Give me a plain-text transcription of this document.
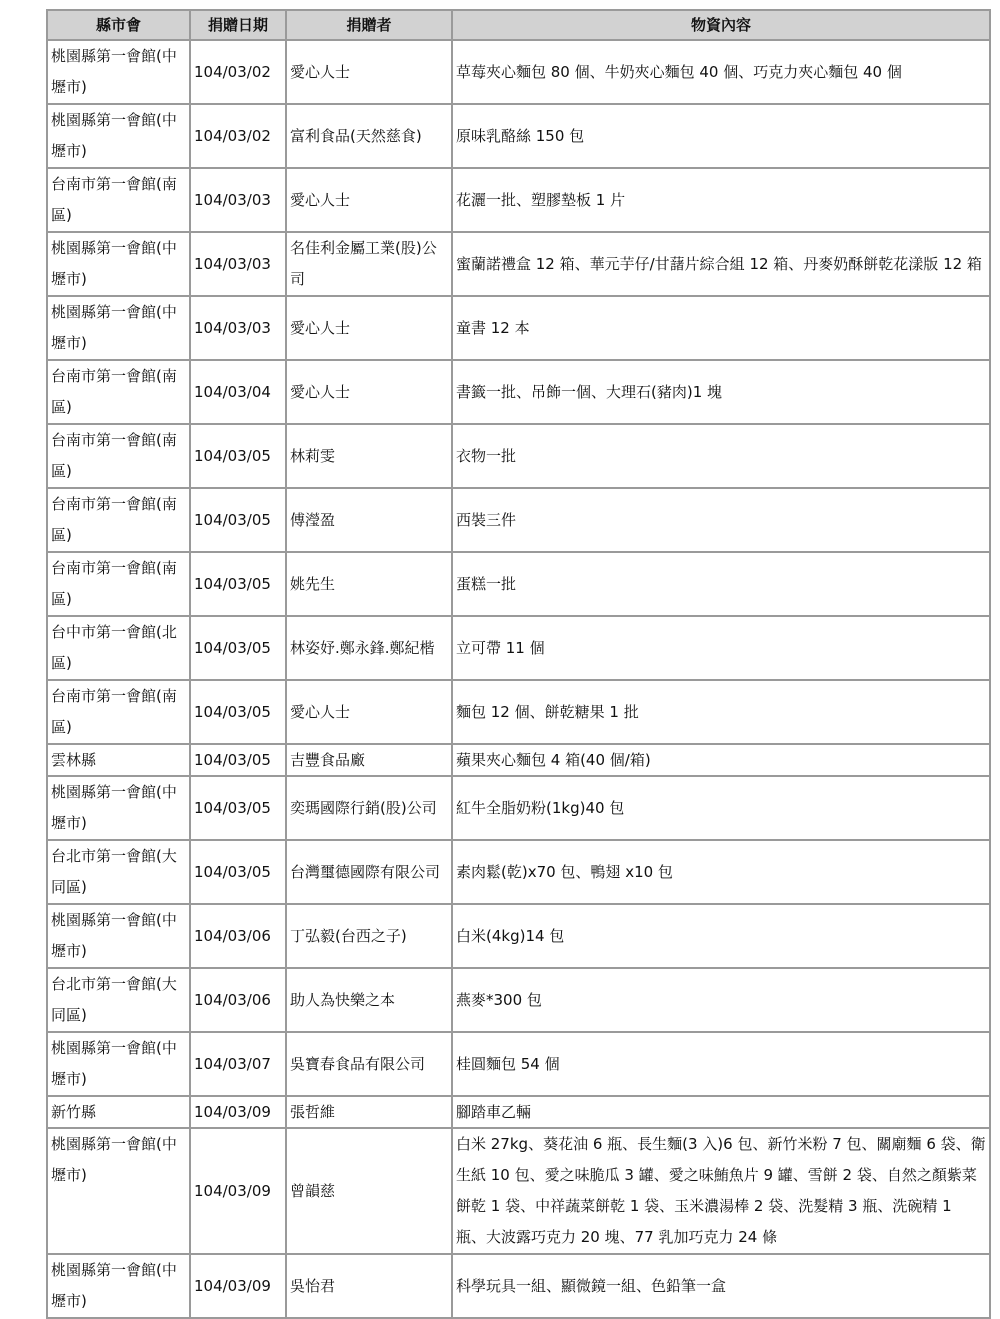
縣市會	捐贈日期	捐贈者	物資內容
桃園縣第一會館(中壢市)	104/03/02	愛心人士	草莓夾心麵包 80 個、牛奶夾心麵包 40 個、巧克力夾心麵包 40 個
桃園縣第一會館(中壢市)	104/03/02	富利食品(天然慈食)	原味乳酪絲 150 包
台南市第一會館(南區)	104/03/03	愛心人士	花灑一批、塑膠墊板 1 片
桃園縣第一會館(中壢市)	104/03/03	名佳利金屬工業(股)公司	蜜蘭諾禮盒 12 箱、華元芋仔/甘藷片綜合組 12 箱、丹麥奶酥餅乾花漾版 12 箱
桃園縣第一會館(中壢市)	104/03/03	愛心人士	童書 12 本
台南市第一會館(南區)	104/03/04	愛心人士	書籤一批、吊飾一個、大理石(豬肉)1 塊
台南市第一會館(南區)	104/03/05	林莉雯	衣物一批
台南市第一會館(南區)	104/03/05	傅瀅盈	西裝三件
台南市第一會館(南區)	104/03/05	姚先生	蛋糕一批
台中市第一會館(北區)	104/03/05	林姿妤.鄭永鋒.鄭紀楷	立可帶 11 個
台南市第一會館(南區)	104/03/05	愛心人士	麵包 12 個、餅乾糖果 1 批
雲林縣	104/03/05	吉豐食品廠	蘋果夾心麵包 4 箱(40 個/箱)
桃園縣第一會館(中壢市)	104/03/05	奕瑪國際行銷(股)公司	紅牛全脂奶粉(1kg)40 包
台北市第一會館(大同區)	104/03/05	台灣璽德國際有限公司	素肉鬆(乾)x70 包、鴨翅 x10 包
桃園縣第一會館(中壢市)	104/03/06	丁弘毅(台西之子)	白米(4kg)14 包
台北市第一會館(大同區)	104/03/06	助人為快樂之本	燕麥*300 包
桃園縣第一會館(中壢市)	104/03/07	吳寶春食品有限公司	桂圓麵包 54 個
新竹縣	104/03/09	張哲維	腳踏車乙輛
桃園縣第一會館(中壢市)	104/03/09	曾韻慈	白米 27kg、葵花油 6 瓶、長生麵(3 入)6 包、新竹米粉 7 包、關廟麵 6 袋、衛生紙 10 包、愛之味脆瓜 3 罐、愛之味鮪魚片 9 罐、雪餅 2 袋、自然之顏紫菜餅乾 1 袋、中祥蔬菜餅乾 1 袋、玉米濃湯棒 2 袋、洗髮精 3 瓶、洗碗精 1 瓶、大波露巧克力 20 塊、77 乳加巧克力 24 條
桃園縣第一會館(中壢市)	104/03/09	吳怡君	科學玩具一組、顯微鏡一組、色鉛筆一盒
